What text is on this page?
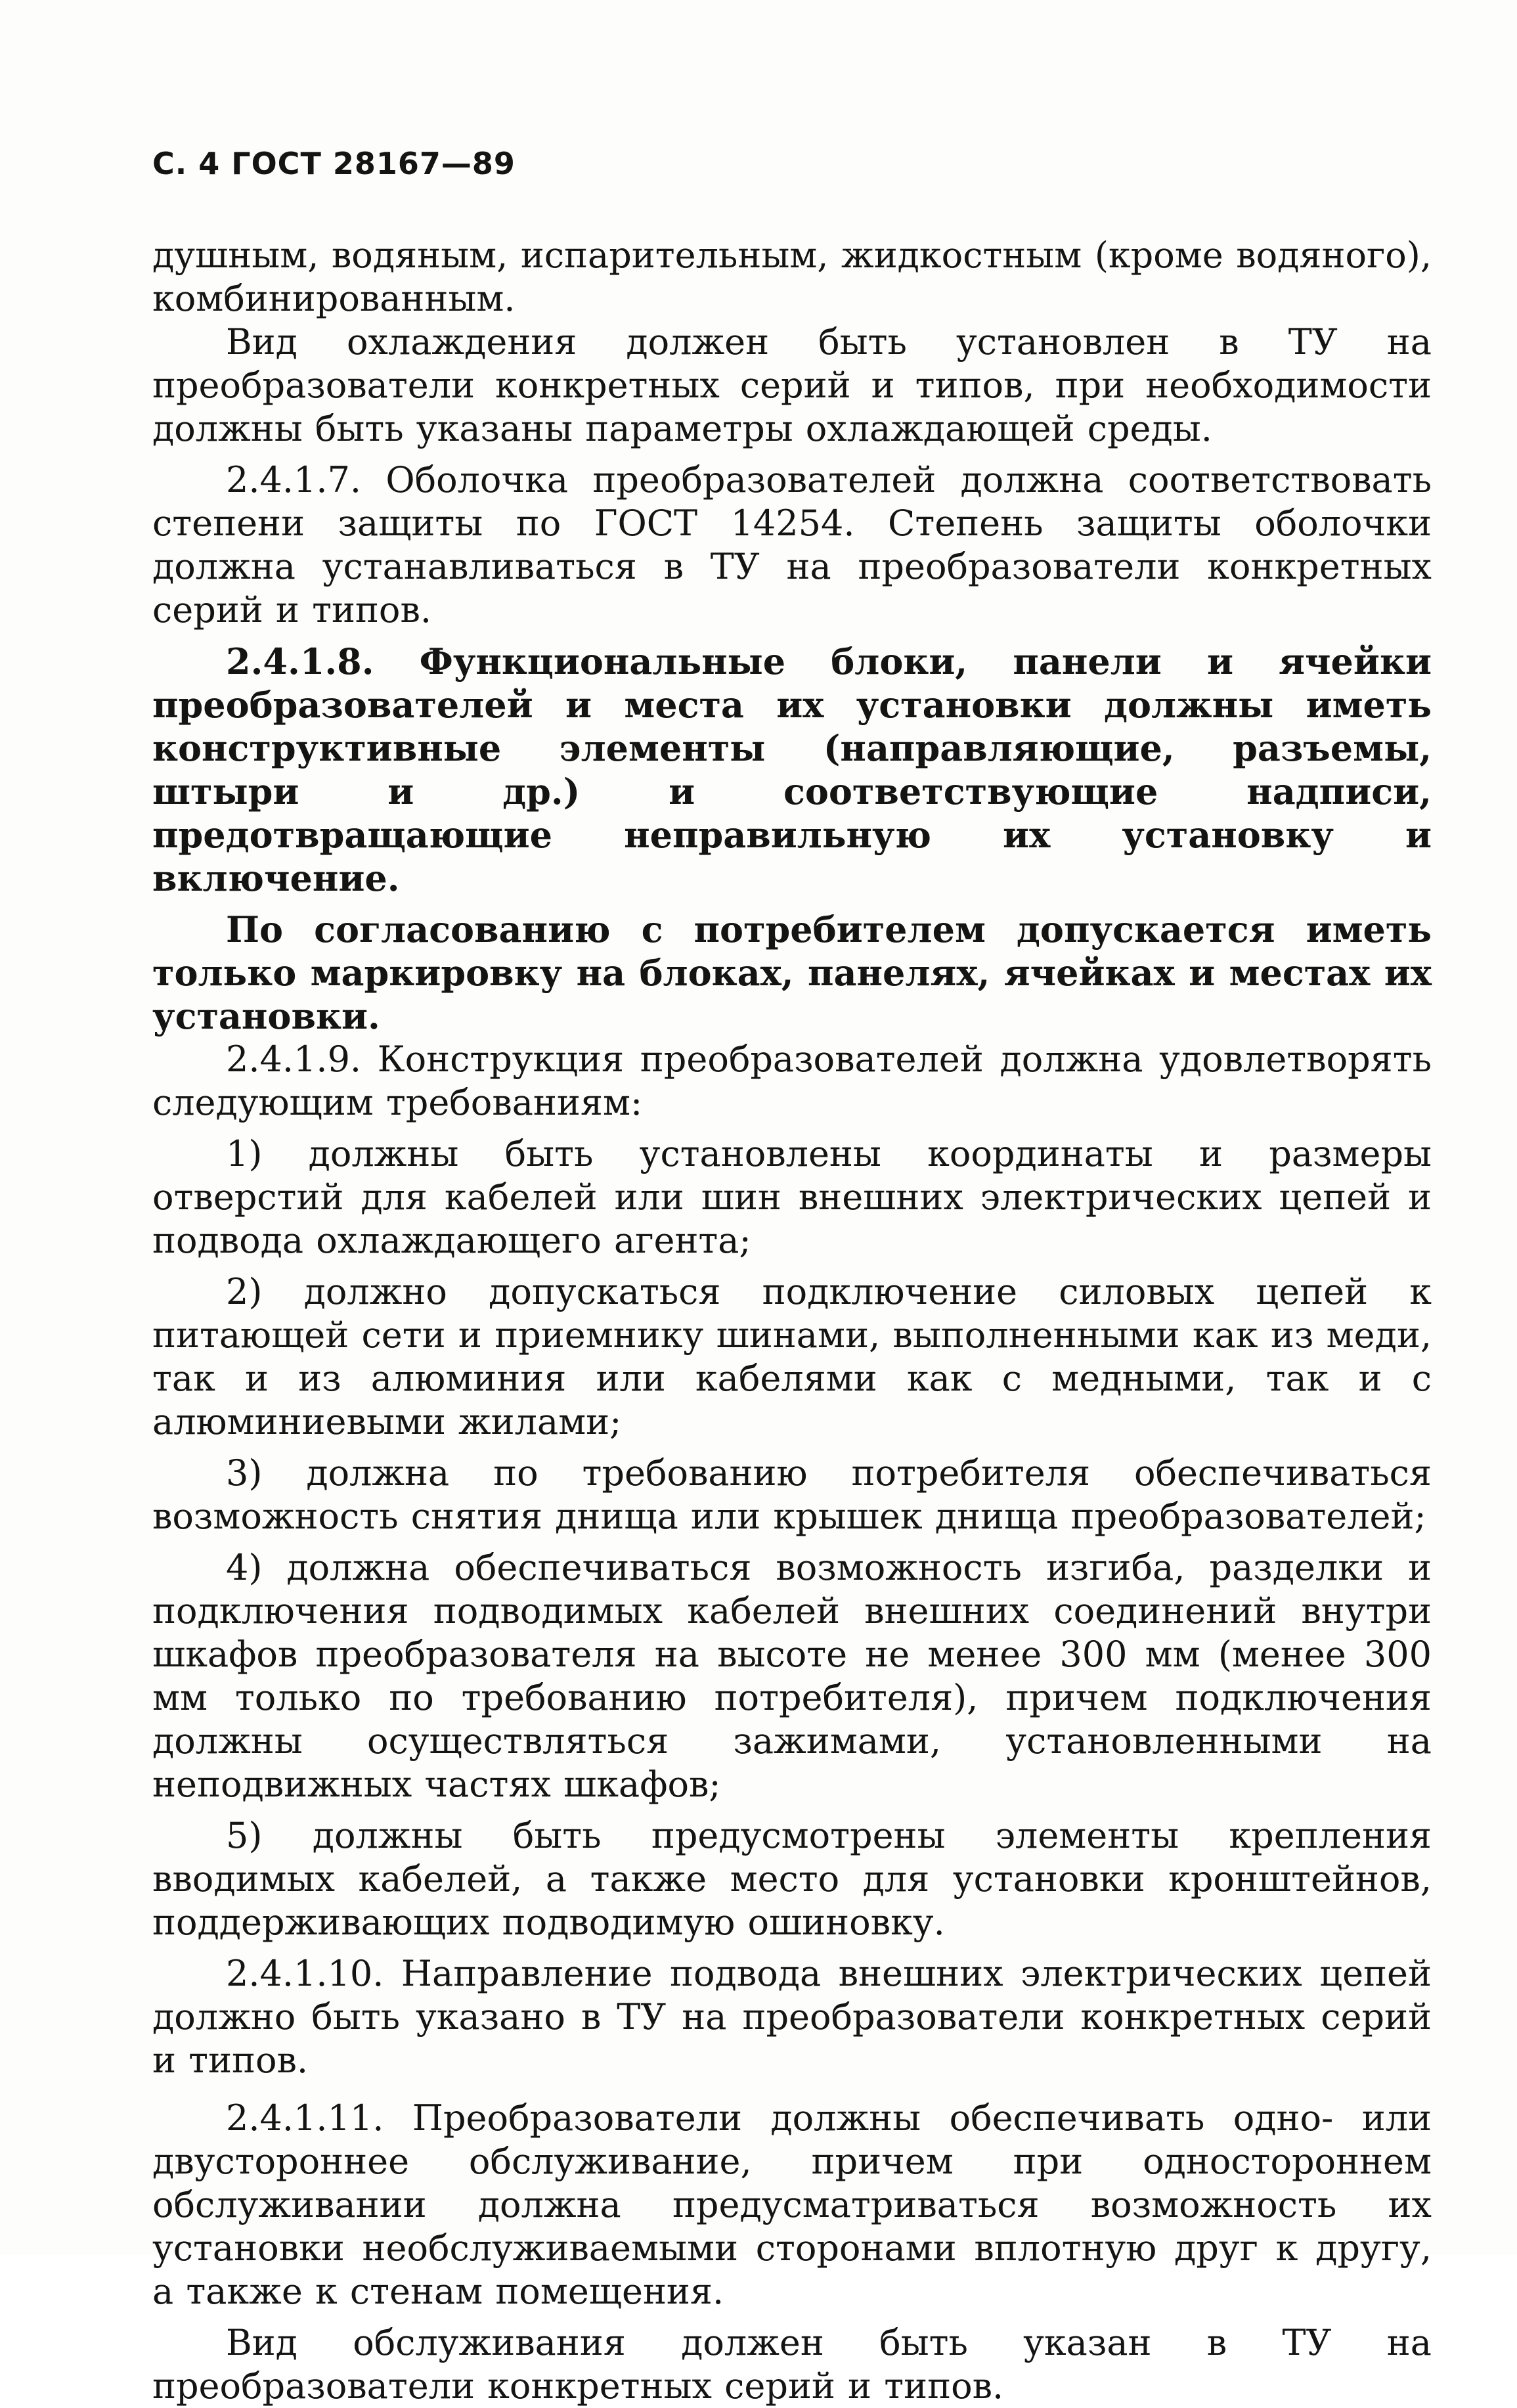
С. 4 ГОСТ 28167—89

душным, водяным, испарительным, жидкостным (кроме водяного), комбинированным.

Вид охлаждения должен быть установлен в ТУ на преобразователи конкретных серий и типов, при необходимости должны быть указаны параметры охлаждающей среды.

2.4.1.7. Оболочка преобразователей должна соответствовать степени защиты по ГОСТ 14254. Степень защиты оболочки должна устанавливаться в ТУ на преобразователи конкретных серий и типов.

2.4.1.8. Функциональные блоки, панели и ячейки преобразователей и места их установки должны иметь конструктивные элементы (направляющие, разъемы, штыри и др.) и соответствующие надписи, предотвращающие неправильную их установку и включение.

По согласованию с потребителем допускается иметь только маркировку на блоках, панелях, ячейках и местах их установки.

2.4.1.9. Конструкция преобразователей должна удовлетворять следующим требованиям:

1) должны быть установлены координаты и размеры отверстий для кабелей или шин внешних электрических цепей и подвода охлаждающего агента;

2) должно допускаться подключение силовых цепей к питающей сети и приемнику шинами, выполненными как из меди, так и из алюминия или кабелями как с медными, так и с алюминиевыми жилами;

3) должна по требованию потребителя обеспечиваться возможность снятия днища или крышек днища преобразователей;

4) должна обеспечиваться возможность изгиба, разделки и подключения подводимых кабелей внешних соединений внутри шкафов преобразователя на высоте не менее 300 мм (менее 300 мм только по требованию потребителя), причем подключения должны осуществляться зажимами, установленными на неподвижных частях шкафов;

5) должны быть предусмотрены элементы крепления вводимых кабелей, а также место для установки кронштейнов, поддерживающих подводимую ошиновку.

2.4.1.10. Направление подвода внешних электрических цепей должно быть указано в ТУ на преобразователи конкретных серий и типов.

2.4.1.11. Преобразователи должны обеспечивать одно- или двустороннее обслуживание, причем при одностороннем обслуживании должна предусматриваться возможность их установки необслуживаемыми сторонами вплотную друг к другу, а также к стенам помещения.

Вид обслуживания должен быть указан в ТУ на преобразователи конкретных серий и типов.
